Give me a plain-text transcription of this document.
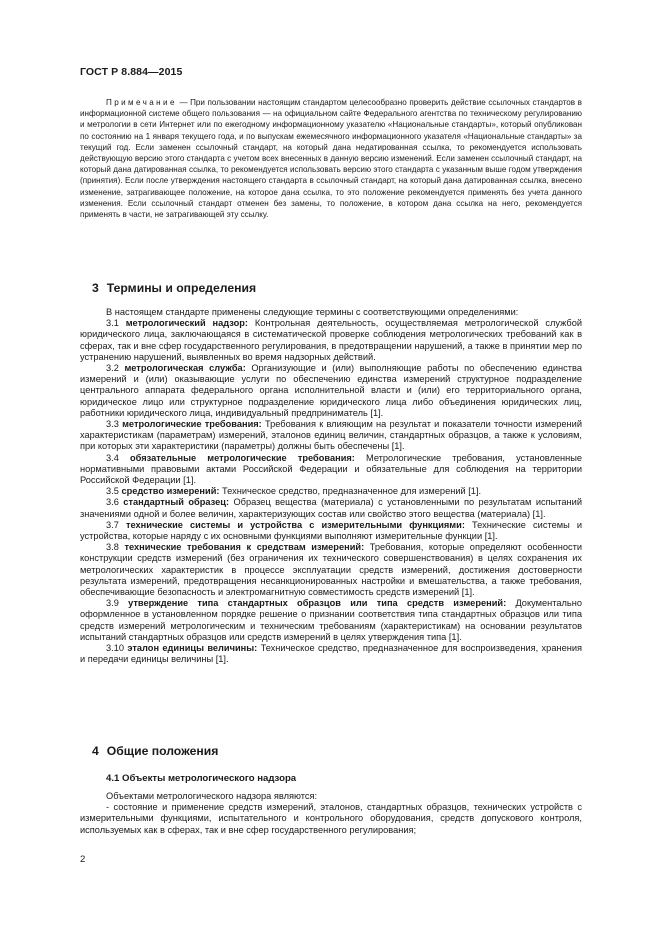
ГОСТ Р 8.884—2015
Примечание — При пользовании настоящим стандартом целесообразно проверить действие ссылочных стандартов в информационной системе общего пользования — на официальном сайте Федерального агентства по техническому регулированию и метрологии в сети Интернет или по ежегодному информационному указателю «Национальные стандарты», который опубликован по состоянию на 1 января текущего года, и по выпускам ежемесячного информационного указателя «Национальные стандарты» за текущий год. Если заменен ссылочный стандарт, на который дана недатированная ссылка, то рекомендуется использовать действующую версию этого стандарта с учетом всех внесенных в данную версию изменений. Если заменен ссылочный стандарт, на который дана датированная ссылка, то рекомендуется использовать версию этого стандарта с указанным выше годом утверждения (принятия). Если после утверждения настоящего стандарта в ссылочный стандарт, на который дана датированная ссылка, внесено изменение, затрагивающее положение, на которое дана ссылка, то это положение рекомендуется применять без учета данного изменения. Если ссылочный стандарт отменен без замены, то положение, в котором дана ссылка на него, рекомендуется применять в части, не затрагивающей эту ссылку.
3 Термины и определения

В настоящем стандарте применены следующие термины с соответствующими определениями:

3.1 метрологический надзор: Контрольная деятельность, осуществляемая метрологической службой юридического лица, заключающаяся в систематической проверке соблюдения метрологических требований как в сферах, так и вне сфер государственного регулирования, в предотвращении нарушений, а также в принятии мер по устранению нарушений, выявленных во время надзорных действий.

3.2 метрологическая служба: Организующие и (или) выполняющие работы по обеспечению единства измерений и (или) оказывающие услуги по обеспечению единства измерений структурное подразделение центрального аппарата федерального органа исполнительной власти и (или) его территориального органа, юридическое лицо или структурное подразделение юридического лица либо объединения юридических лиц, работники юридического лица, индивидуальный предприниматель [1].

3.3 метрологические требования: Требования к влияющим на результат и показатели точности измерений характеристикам (параметрам) измерений, эталонов единиц величин, стандартных образцов, а также к условиям, при которых эти характеристики (параметры) должны быть обеспечены [1].

3.4 обязательные метрологические требования: Метрологические требования, установленные нормативными правовыми актами Российской Федерации и обязательные для соблюдения на территории Российской Федерации [1].

3.5 средство измерений: Техническое средство, предназначенное для измерений [1].

3.6 стандартный образец: Образец вещества (материала) с установленными по результатам испытаний значениями одной и более величин, характеризующих состав или свойство этого вещества (материала) [1].

3.7 технические системы и устройства с измерительными функциями: Технические системы и устройства, которые наряду с их основными функциями выполняют измерительные функции [1].

3.8 технические требования к средствам измерений: Требования, которые определяют особенности конструкции средств измерений (без ограничения их технического совершенствования) в целях сохранения их метрологических характеристик в процессе эксплуатации средств измерений, достижения достоверности результата измерений, предотвращения несанкционированных настройки и вмешательства, а также требования, обеспечивающие безопасность и электромагнитную совместимость средств измерений [1].

3.9 утверждение типа стандартных образцов или типа средств измерений: Документально оформленное в установленном порядке решение о признании соответствия типа стандартных образцов или типа средств измерений метрологическим и техническим требованиям (характеристикам) на основании результатов испытаний стандартных образцов или средств измерений в целях утверждения типа [1].

3.10 эталон единицы величины: Техническое средство, предназначенное для воспроизведения, хранения и передачи единицы величины [1].

4 Общие положения
4.1 Объекты метрологического надзора

Объектами метрологического надзора являются:

- состояние и применение средств измерений, эталонов, стандартных образцов, технических устройств с измерительными функциями, испытательного и контрольного оборудования, средств допускового контроля, используемых как в сферах, так и вне сфер государственного регулирования;

2
